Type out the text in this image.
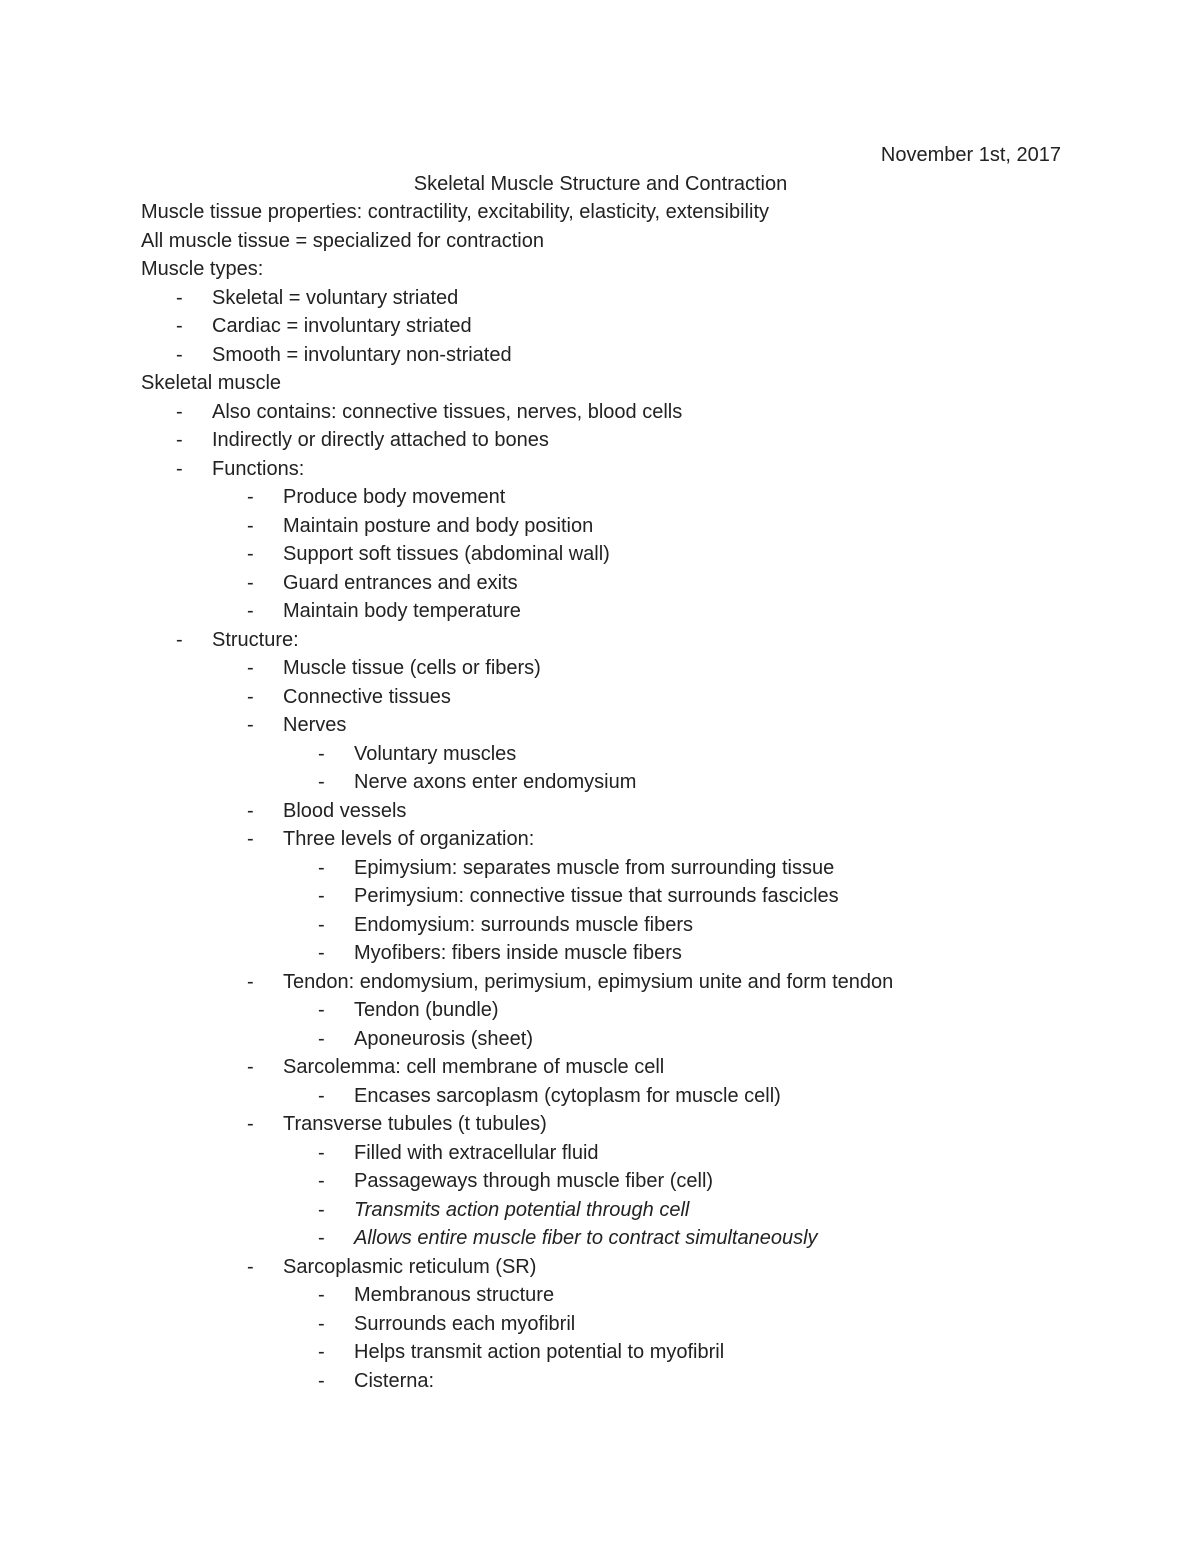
November 1st, 2017
Skeletal Muscle Structure and Contraction
Muscle tissue properties: contractility, excitability, elasticity, extensibility
All muscle tissue = specialized for contraction
Muscle types:
- Skeletal = voluntary striated
- Cardiac = involuntary striated
- Smooth = involuntary non-striated
Skeletal muscle
- Also contains: connective tissues, nerves, blood cells
- Indirectly or directly attached to bones
- Functions:
- Produce body movement
- Maintain posture and body position
- Support soft tissues (abdominal wall)
- Guard entrances and exits
- Maintain body temperature
- Structure:
- Muscle tissue (cells or fibers)
- Connective tissues
- Nerves
- Voluntary muscles
- Nerve axons enter endomysium
- Blood vessels
- Three levels of organization:
- Epimysium: separates muscle from surrounding tissue
- Perimysium: connective tissue that surrounds fascicles
- Endomysium: surrounds muscle fibers
- Myofibers: fibers inside muscle fibers
- Tendon: endomysium, perimysium, epimysium unite and form tendon
- Tendon (bundle)
- Aponeurosis (sheet)
- Sarcolemma: cell membrane of muscle cell
- Encases sarcoplasm (cytoplasm for muscle cell)
- Transverse tubules (t tubules)
- Filled with extracellular fluid
- Passageways through muscle fiber (cell)
- Transmits action potential through cell
- Allows entire muscle fiber to contract simultaneously
- Sarcoplasmic reticulum (SR)
- Membranous structure
- Surrounds each myofibril
- Helps transmit action potential to myofibril
- Cisterna:
